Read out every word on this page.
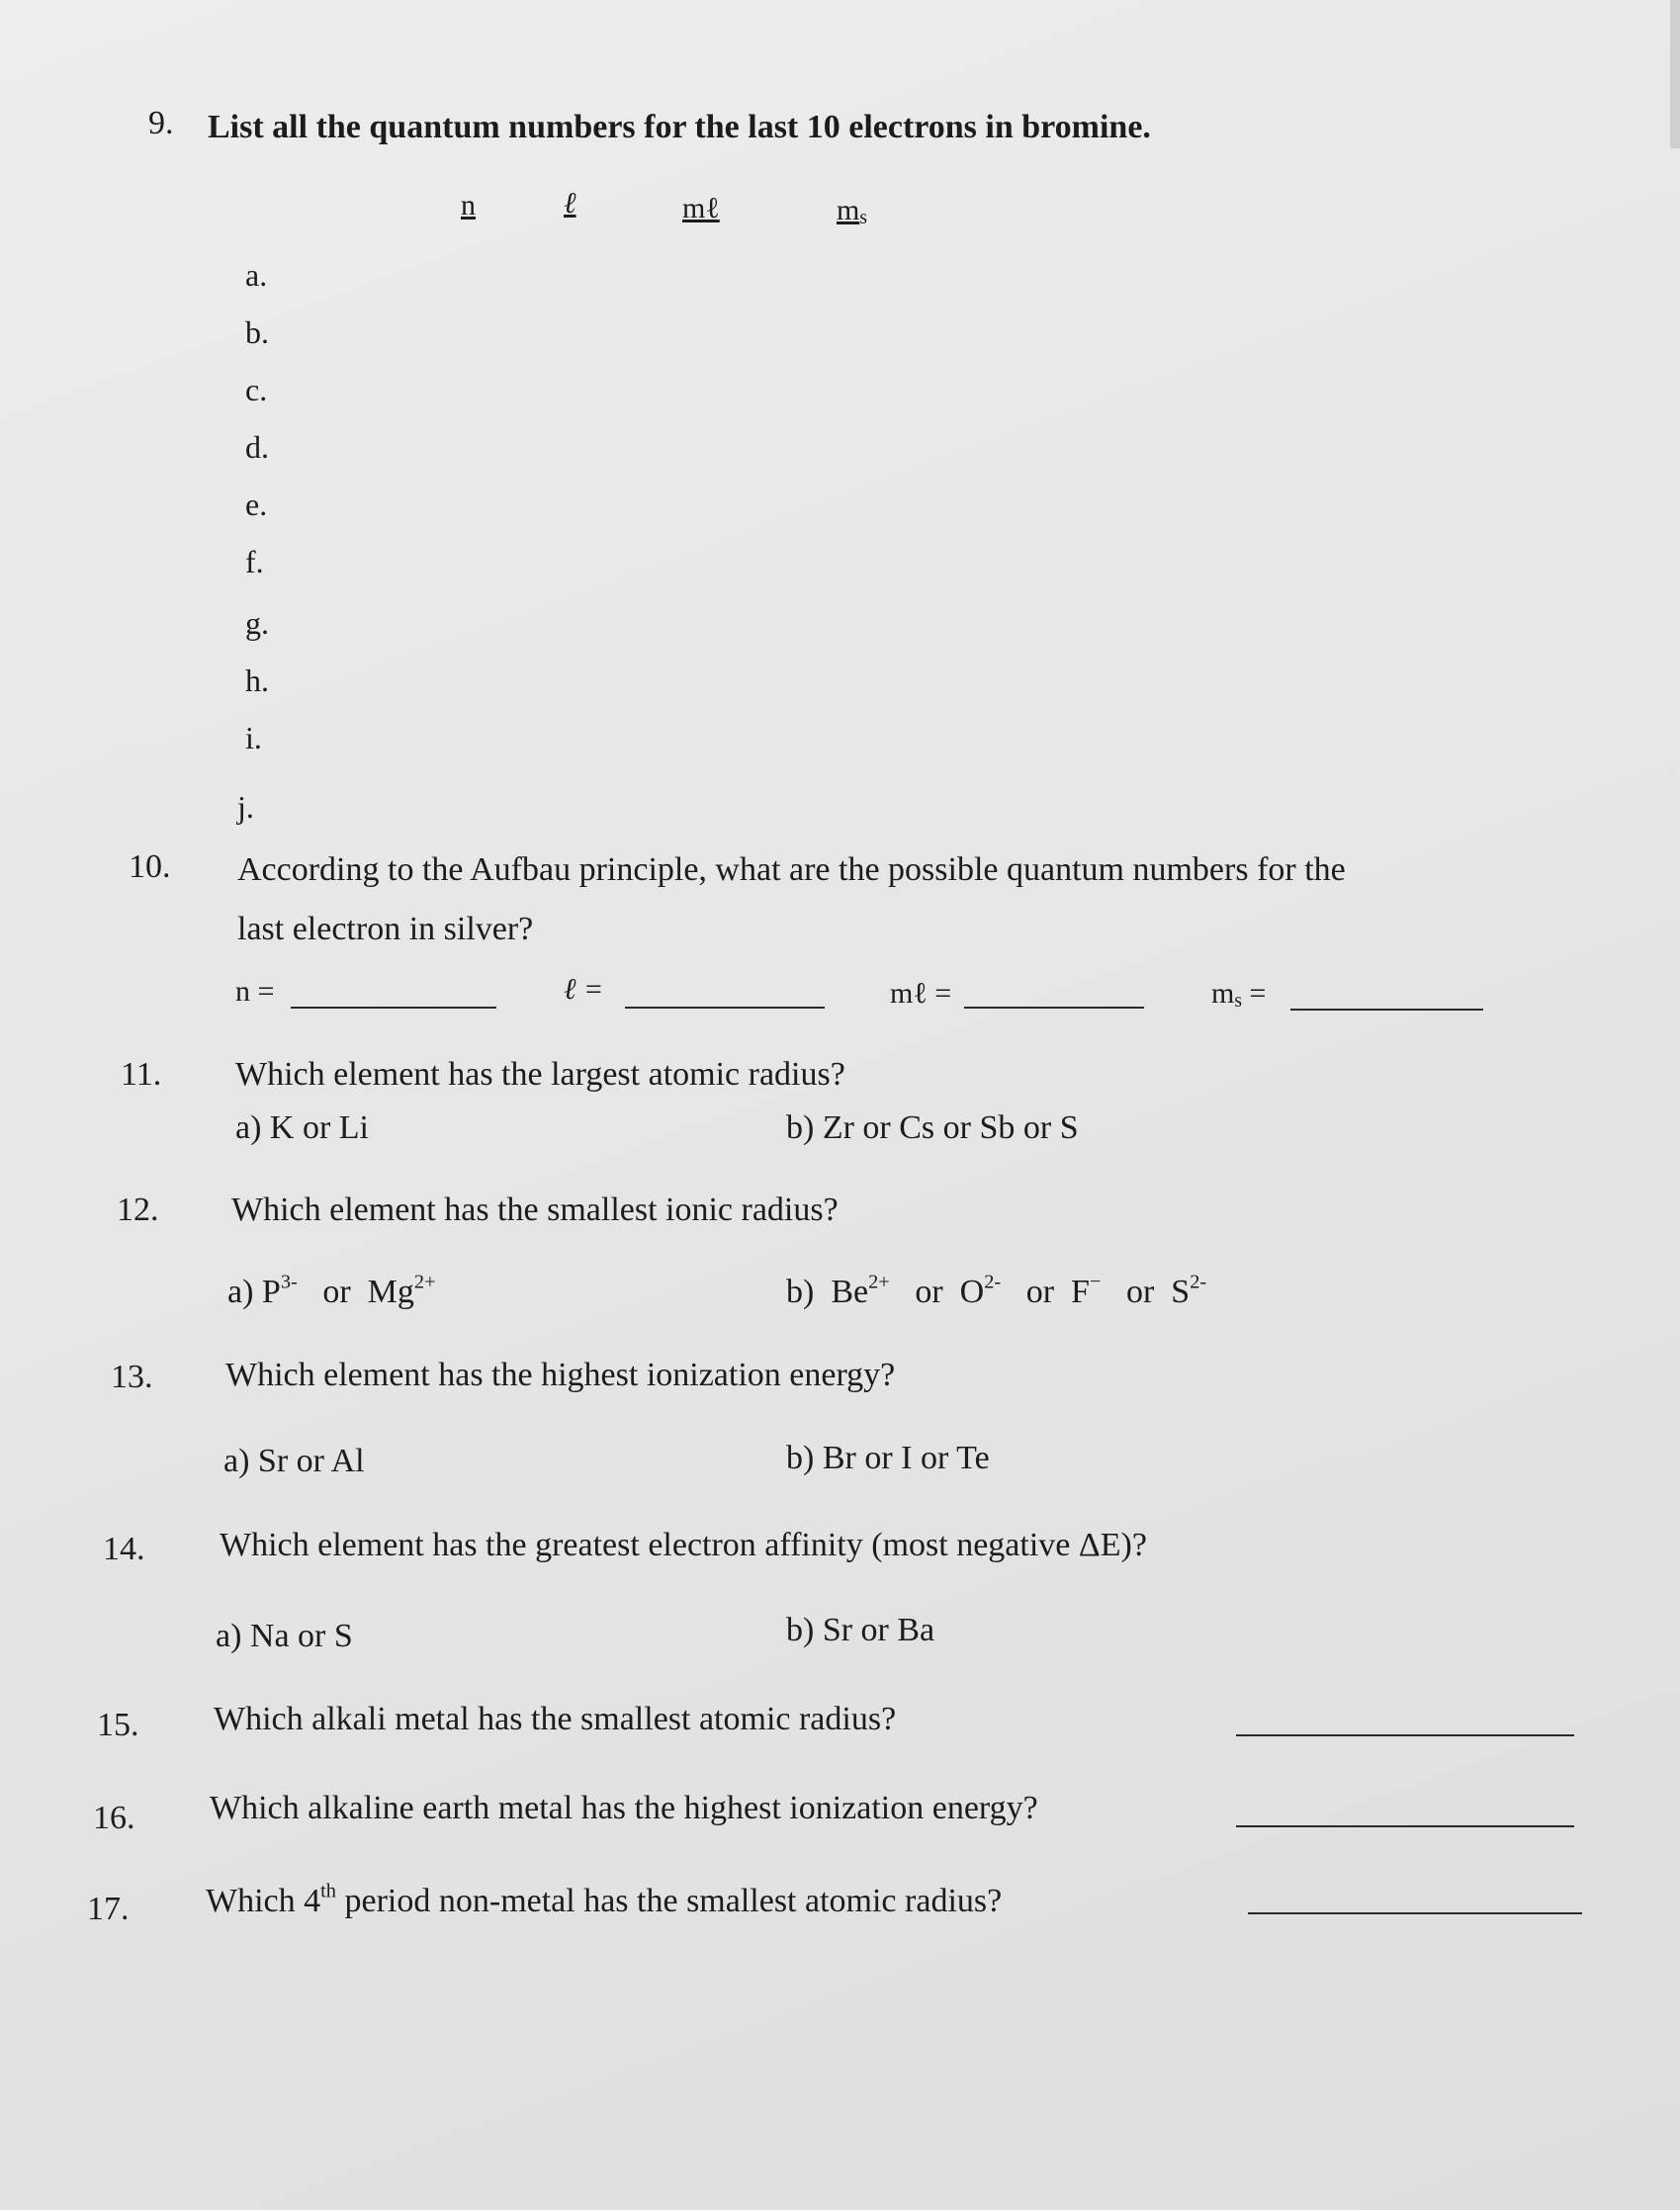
9. List all the quantum numbers for the last 10 electrons in bromine.
n	ℓ	mℓ	$m_s$
a.
b.
c.
d.
e.
f.
g.
h.
i.
j.
10. According to the Aufbau principle, what are the possible quantum numbers for the
last electron in silver?
n =	ℓ =	mℓ =	$m_s$ =
11. Which element has the largest atomic radius?
a) K or Li	b) Zr or Cs or Sb or S
12. Which element has the smallest ionic radius?
a) $P^{3-}$ or $Mg^{2+}$	b) $Be^{2+}$ or $O^{2-}$ or F− or $S^{2-}$
13. Which element has the highest ionization energy?
a) Sr or Al	b) Br or I or Te
14. Which element has the greatest electron affinity (most negative ΔE)?
a) Na or S	b) Sr or Ba
15. Which alkali metal has the smallest atomic radius?
16. Which alkaline earth metal has the highest ionization energy?
17. Which 4th period non-metal has the smallest atomic radius?
